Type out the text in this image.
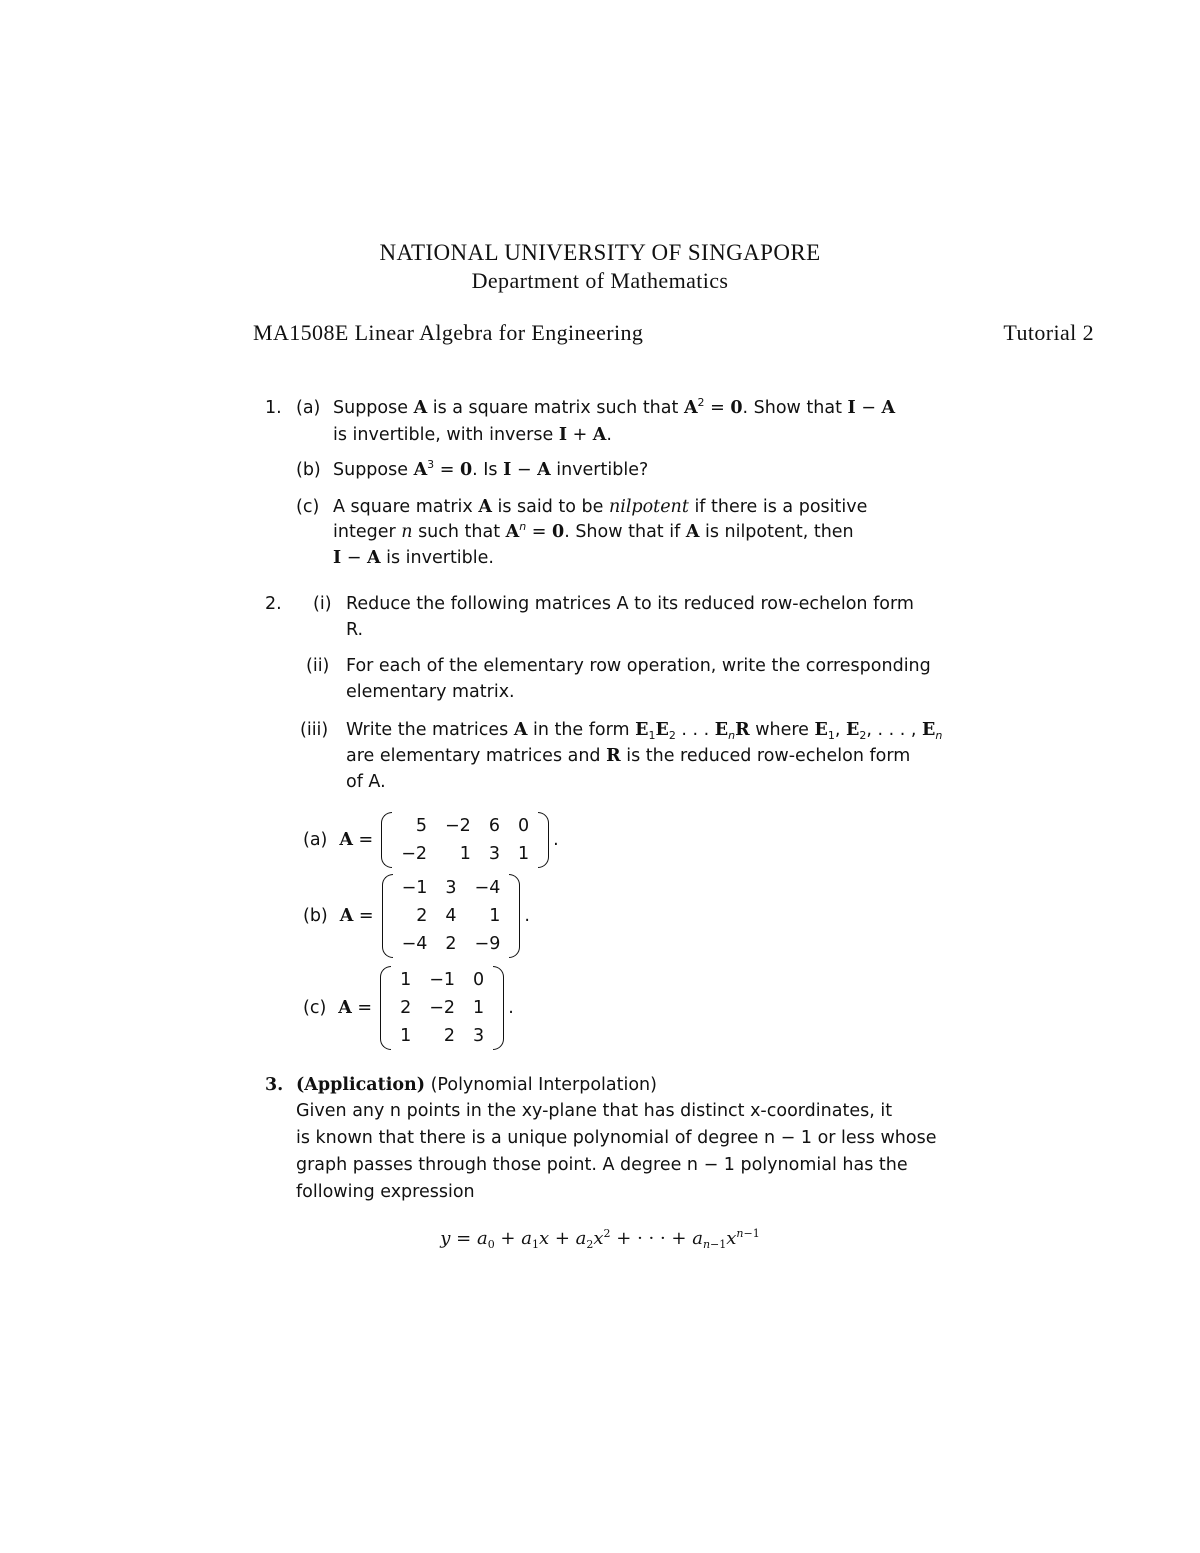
NATIONAL UNIVERSITY OF SINGAPORE
Department of Mathematics
MA1508E Linear Algebra for Engineering	Tutorial 2
1. (a) Suppose A is a square matrix such that $A^2 = 0$. Show that I − A
is invertible, with inverse I + A.
(b) Suppose $A^3 = 0$. Is I − A invertible?
(c) A square matrix A is said to be nilpotent if there is a positive
integer n such that $A^n = 0$. Show that if A is nilpotent, then
I − A is invertible.
2. (i) Reduce the following matrices A to its reduced row-echelon form
R.
(ii) For each of the elementary row operation, write the corresponding
elementary matrix.
(iii) Write the matrices A in the form $E_1E_2$ . . . $E_nR$ where $E_1$, $E_2$, . . . , $E_n$
are elementary matrices and R is the reduced row-echelon form
of A.
(a) A =
5	−2	6	0
−2	1	3	1
.
(b) A =
−1	3	−4
2	4	1
−4	2	−9
.
(c) A =
1	−1	0
2	−2	1
1	2	3
.
3. (Application) (Polynomial Interpolation)
Given any n points in the xy-plane that has distinct x-coordinates, it
is known that there is a unique polynomial of degree n − 1 or less whose
graph passes through those point. A degree n − 1 polynomial has the
following expression
$y = a_0 + a_1x + a_2x^2$ + · · · + $a_{n-1}x^{n-1}$
